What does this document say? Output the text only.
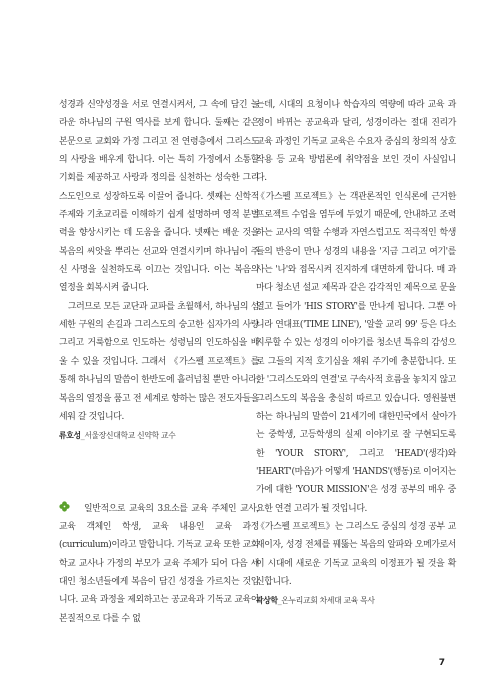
성경과 신약성경을 서로 연결시켜서, 그 속에 담긴 놀라운 하나님의 구원 역사를 보게 합니다. 둘째는 같은 본문으로 교회와 가정 그리고 전 연령층에서 그리스도의 사랑을 배우게 합니다. 이는 특히 가정에서 소통할 기회를 제공하고 사랑과 정의를 실천하는 성숙한 그리스도인으로 성장하도록 이끌어 줍니다. 셋째는 신학적 주제와 기초교리를 이해하기 쉽게 설명하며 영적 분별력을 향상시키는 데 도움을 줍니다. 넷째는 배운 것을 복음의 씨앗을 뿌리는 선교와 연결시키며 하나님이 주신 사명을 실천하도록 이끄는 것입니다. 이는 복음의 열정을 회복시켜 줍니다.

그러므로 모든 교단과 교파를 초월해서, 하나님의 섬세한 구원의 손길과 그리스도의 숭고한 십자가의 사랑 그리고 거룩함으로 인도하는 성령님의 인도하심을 배울 수 있을 것입니다. 그래서 《가스펠 프로젝트》를 통해 하나님의 말씀이 한반도에 흘러넘칠 뿐만 아니라, 복음의 열정을 품고 전 세계로 향하는 많은 전도자들을 세워 갈 것입니다.

류호성_서울장신대학교 신약학 교수

일반적으로 교육의 3요소를 교육 주체인 교사, 교육 객체인 학생, 교육 내용인 교육 과정(curriculum)이라고 말합니다. 기독교 교육 또한 교회 학교 교사나 가정의 부모가 교육 주체가 되어 다음 세대인 청소년들에게 복음이 담긴 성경을 가르치는 것입니다. 교육 과정을 제외하고는 공교육과 기독교 교육이 본질적으로 다를 수 없

는데, 시대의 요청이나 학습자의 역량에 따라 교육 과정이 바뀌는 공교육과 달리, 성경이라는 절대 진리가 교육 과정인 기독교 교육은 수요자 중심의 창의적 상호 작용 등 교육 방법론에 취약점을 보인 것이 사실입니다.

《가스펠 프로젝트》는 객관론적인 인식론에 근거한 프로젝트 수업을 염두에 두었기 때문에, 안내하고 조력하는 교사의 역할 수행과 자연스럽고도 적극적인 학생들의 반응이 만나 성경의 내용을 '지금 그리고 여기'를 사는 '나'와 접목시켜 진지하게 대면하게 합니다. 매 과마다 청소년 설교 제목과 같은 감각적인 제목으로 문을 열고 들어가 'HIS STORY'를 만나게 됩니다. 그뿐 아니라 연대표('TIME LINE'), '알쓸 교리 99' 등은 다소 지루할 수 있는 성경의 이야기를 청소년 특유의 감성으로 그들의 지적 호기심을 채워 주기에 충분합니다. 또한 '그리스도와의 연결'로 구속사적 흐름을 놓치지 않고 그리스도의 복음을 충실히 따르고 있습니다. 영원불변하는 하나님의 말씀이 21세기에 대한민국에서 살아가는 중학생, 고등학생의 실제 이야기로 잘 구현되도록 한 'YOUR STORY', 그리고 'HEAD'(생각)와 'HEART'(마음)가 어떻게 'HANDS'(행동)로 이어지는가에 대한 'YOUR MISSION'은 성경 공부의 매우 중요한 연결 고리가 될 것입니다.

《가스펠 프로젝트》는 그리스도 중심의 성경 공부 교재이자, 성경 전체를 꿰뚫는 복음의 알파와 오메가로서 이 시대에 새로운 기독교 교육의 이정표가 될 것을 확신합니다.

곽상학_온누리교회 차세대 교육 목사

7
